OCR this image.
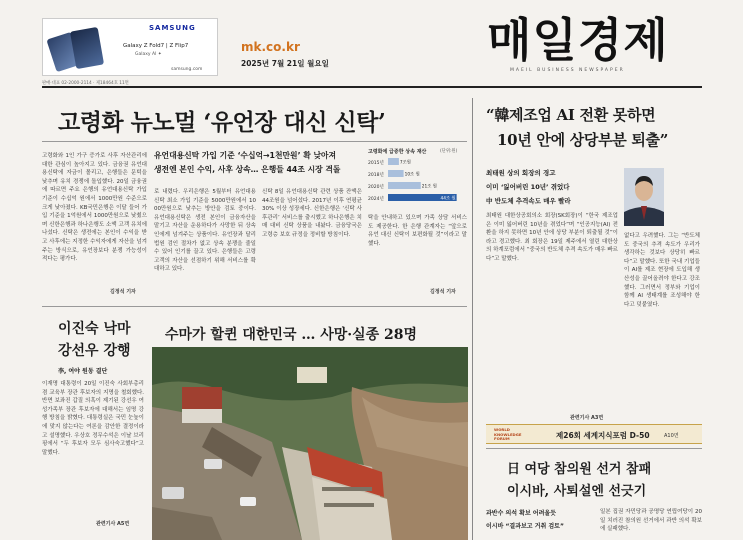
SAMSUNG
Galaxy Z Fold7 | Z Flip7
Galaxy AI ✦
samsung.com
mk.co.kr
2025년 7월 21일 월요일	매일경제
MAEIL BUSINESS NEWSPAPER
판매·대표 02-2000-2114 · 제18464호 11면
고령화 뉴노멀 ‘유언장 대신 신탁’
고령화와 1인 가구 증가로 사후 자산관리에 대한 관심이 높아지고 있다. 금융권 유언대용신탁에 자금이 몰리고, 은행들은 문턱을 낮추며 유치 경쟁에 돌입했다. 20일 금융권에 따르면 주요 은행의 유언대용신탁 가입 기준이 수십억 원에서 1000만원 수준으로 크게 낮아졌다. KB국민은행은 이달 들어 가입 기준을 1억원에서 1000만원으로 낮췄으며 신한은행과 하나은행도 소액 고객 유치에 나섰다. 신탁은 생전에는 본인이 수익을 받고 사후에는 지정한 수익자에게 자산을 넘겨주는 방식으로, 유언장보다 분쟁 가능성이 적다는 평가다.
김정석 기자
유언대용신탁 가입 기준 ‘수십억→1천만원’ 확 낮아져
생전엔 본인 수익, 사후 상속… 은행들 44조 시장 격돌
로 내렸다. 우리은행은 5월부터 유언대용신탁 최소 가입 기준을 5000만원에서 1000만원으로 낮추는 방안을 검토 중이다. 유언대용신탁은 생전 본인이 금융자산을 맡기고 자산을 운용하다가 사망한 뒤 상속인에게 넘겨주는 상품이다. 유언장과 달리 법원 검인 절차가 없고 상속 분쟁을 줄일 수 있어 인기를 끌고 있다. 은행들은 고령 고객의 자산을 선점하기 위해 서비스를 확대하고 있다.
신탁 8일 유언대용신탁 관련 상품 잔액은 44조원을 넘어섰다. 2017년 이후 연평균 30% 이상 성장세다. 신한은행은 ‘신탁 사후관리’ 서비스를 출시했고 하나은행은 치매 대비 신탁 상품을 내놨다. 금융당국은 고령층 보호 규정을 정비할 방침이다.
고령화에 급증한 상속 재산	(단위:원)
2015년	7조원
2018년	10조 원
2020년	21조 원
2024년	44조 원
탁을 안내하고 있으며 가족 상담 서비스도 제공한다. 한 은행 관계자는 “앞으로 유언 대신 신탁이 보편화될 것”이라고 말했다.
김정석 기자
이진숙 낙마
강선우 강행
李, 여야 원동 결단
이재명 대통령이 20일 이진숙 사회부총리 겸 교육부 장관 후보자의 지명을 철회했다. 반면 보좌진 갑질 의혹이 제기된 강선우 여성가족부 장관 후보자에 대해서는 임명 강행 방침을 밝혔다. 대통령실은 국민 눈높이에 맞지 않는다는 여론을 감안한 결정이라고 설명했다. 우상호 정무수석은 이날 브리핑에서 “두 후보자 모두 심사숙고했다”고 말했다.
관련기사 A5면
수마가 할퀸 대한민국 … 사망·실종 28명
“韓제조업 AI 전환 못하면
10년 안에 상당부분 퇴출”
최태원 상의 회장의 경고
이미 ‘잃어버린 10년’ 겪었다
中 반도체 추격속도 매우 빨라
최태원 대한상공회의소 회장(SK회장)이 “한국 제조업은 이미 잃어버린 10년을 겪었다”며 “인공지능(AI) 전환을 하지 못하면 10년 안에 상당 부분이 퇴출될 것”이라고 경고했다. 최 회장은 19일 제주에서 열린 대한상의 하계포럼에서 “중국의 반도체 추격 속도가 매우 빠르다”고 말했다.
없다고 우려했다. 그는 “반도체도 중국의 추격 속도가 우리가 생각하는 것보다 상당히 빠르다”고 말했다. 또한 국내 기업들이 AI를 제조 현장에 도입해 생산성을 끌어올려야 한다고 강조했다. 그러면서 정부와 기업이 함께 AI 생태계를 조성해야 한다고 덧붙였다.
관련기사 A3면
WORLD KNOWLEDGE FORUM	제26회 세계지식포럼 D-50	A10면
日 여당 참의원 선거 참패
이시바, 사퇴설엔 선긋기
과반수 의석 확보 어려울듯
이시바 “결과보고 거취 검토”
일본 집권 자민당과 공명당 연립여당이 20일 치러진 참의원 선거에서 과반 의석 확보에 실패했다.
